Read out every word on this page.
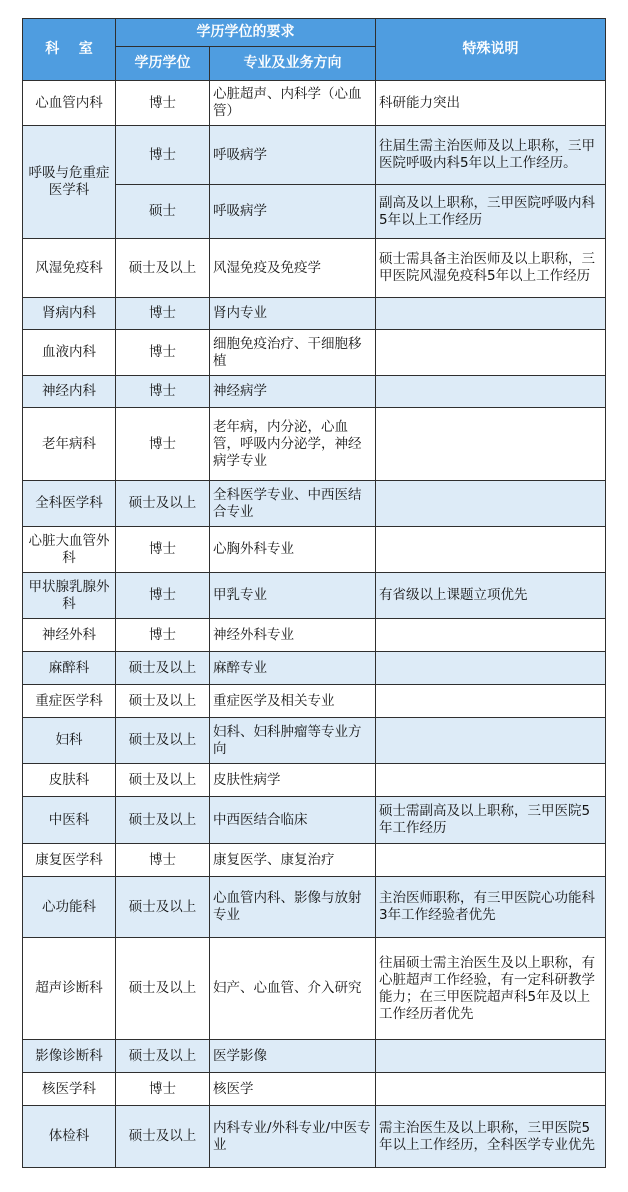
科    室	学历学位的要求		特殊说明
	学历学位	专业及业务方向	
心血管内科	博士	心脏超声、内科学（心血管）	科研能力突出
呼吸与危重症医学科	博士	呼吸病学	往届生需主治医师及以上职称，三甲医院呼吸内科5年以上工作经历。
	硕士	呼吸病学	副高及以上职称，三甲医院呼吸内科5年以上工作经历
风湿免疫科	硕士及以上	风湿免疫及免疫学	硕士需具备主治医师及以上职称，三甲医院风湿免疫科5年以上工作经历
肾病内科	博士	肾内专业	
血液内科	博士	细胞免疫治疗、干细胞移植	
神经内科	博士	神经病学	
老年病科	博士	老年病，内分泌，心血管，呼吸内分泌学，神经病学专业	
全科医学科	硕士及以上	全科医学专业、中西医结合专业	
心脏大血管外科	博士	心胸外科专业	
甲状腺乳腺外科	博士	甲乳专业	有省级以上课题立项优先
神经外科	博士	神经外科专业	
麻醉科	硕士及以上	麻醉专业	
重症医学科	硕士及以上	重症医学及相关专业	
妇科	硕士及以上	妇科、妇科肿瘤等专业方向	
皮肤科	硕士及以上	皮肤性病学	
中医科	硕士及以上	中西医结合临床	硕士需副高及以上职称，三甲医院5年工作经历
康复医学科	博士	康复医学、康复治疗	
心功能科	硕士及以上	心血管内科、影像与放射专业	主治医师职称，有三甲医院心功能科3年工作经验者优先
超声诊断科	硕士及以上	妇产、心血管、介入研究	往届硕士需主治医生及以上职称，有心脏超声工作经验，有一定科研教学能力；在三甲医院超声科5年及以上工作经历者优先
影像诊断科	硕士及以上	医学影像	
核医学科	博士	核医学	
体检科	硕士及以上	内科专业/外科专业/中医专业	需主治医生及以上职称，三甲医院5年以上工作经历，全科医学专业优先
